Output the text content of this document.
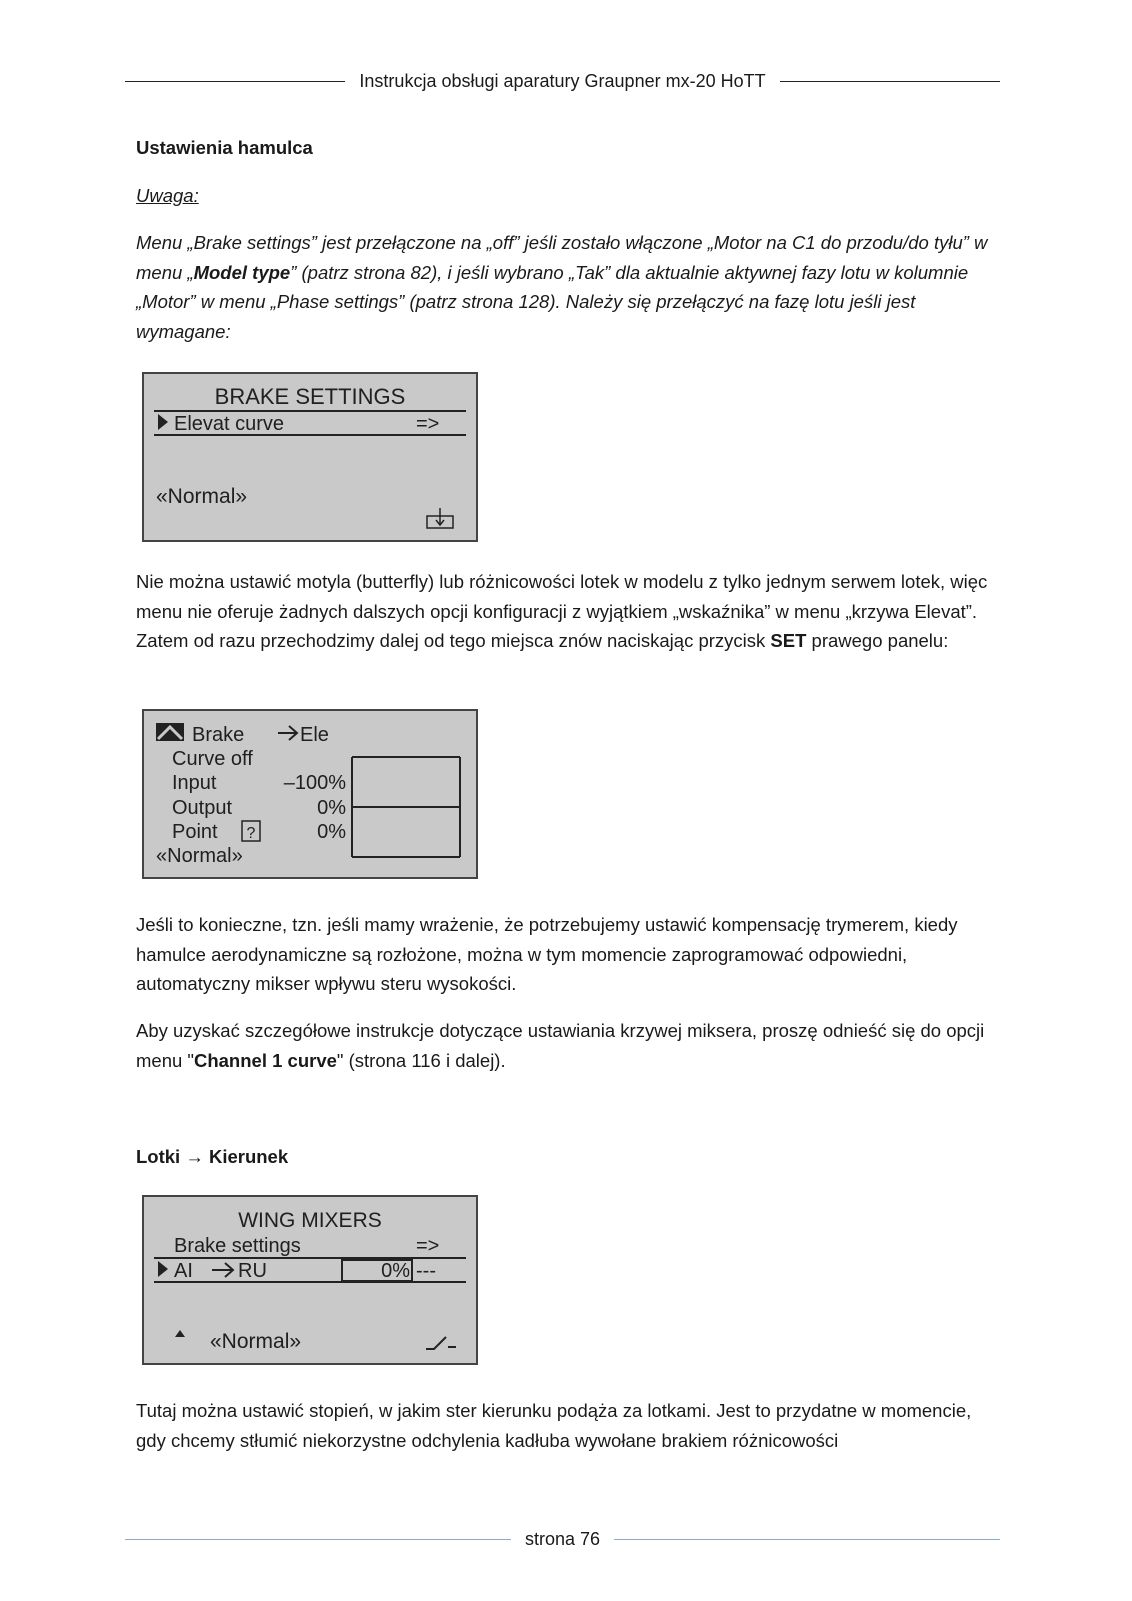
Instrukcja obsługi aparatury Graupner mx-20 HoTT

Ustawienia hamulca

Uwaga:

Menu „Brake settings” jest przełączone na „off” jeśli zostało włączone „Motor na C1 do przodu/do tyłu” w menu „Model type” (patrz strona 82), i jeśli wybrano „Tak” dla aktualnie aktywnej fazy lotu w kolumnie „Motor” w menu „Phase settings” (patrz strona 128). Należy się przełączyć na fazę lotu jeśli jest wymagane:

BRAKE SETTINGS
Elevat curve	=>
«Normal»

Nie można ustawić motyla (butterfly) lub różnicowości lotek w modelu z tylko jednym serwem lotek, więc menu nie oferuje żadnych dalszych opcji konfiguracji z wyjątkiem „wskaźnika” w menu „krzywa Elevat”. Zatem od razu przechodzimy dalej od tego miejsca znów naciskając przycisk SET prawego panelu:

Brake	Ele
Curve off
Input	–100%
Output	0%
Point ?	0%
«Normal»

Jeśli to konieczne, tzn. jeśli mamy wrażenie, że potrzebujemy ustawić kompensację trymerem, kiedy hamulce aerodynamiczne są rozłożone, można w tym momencie zaprogramować odpowiedni, automatyczny mikser wpływu steru wysokości.

Aby uzyskać szczegółowe instrukcje dotyczące ustawiania krzywej miksera, proszę odnieść się do opcji menu "Channel 1 curve" (strona 116 i dalej).

Lotki → Kierunek

WING MIXERS
Brake settings	=>
AI RU	0% ---
«Normal»

Tutaj można ustawić stopień, w jakim ster kierunku podąża za lotkami. Jest to przydatne w momencie, gdy chcemy stłumić niekorzystne odchylenia kadłuba wywołane brakiem różnicowości

strona 76
